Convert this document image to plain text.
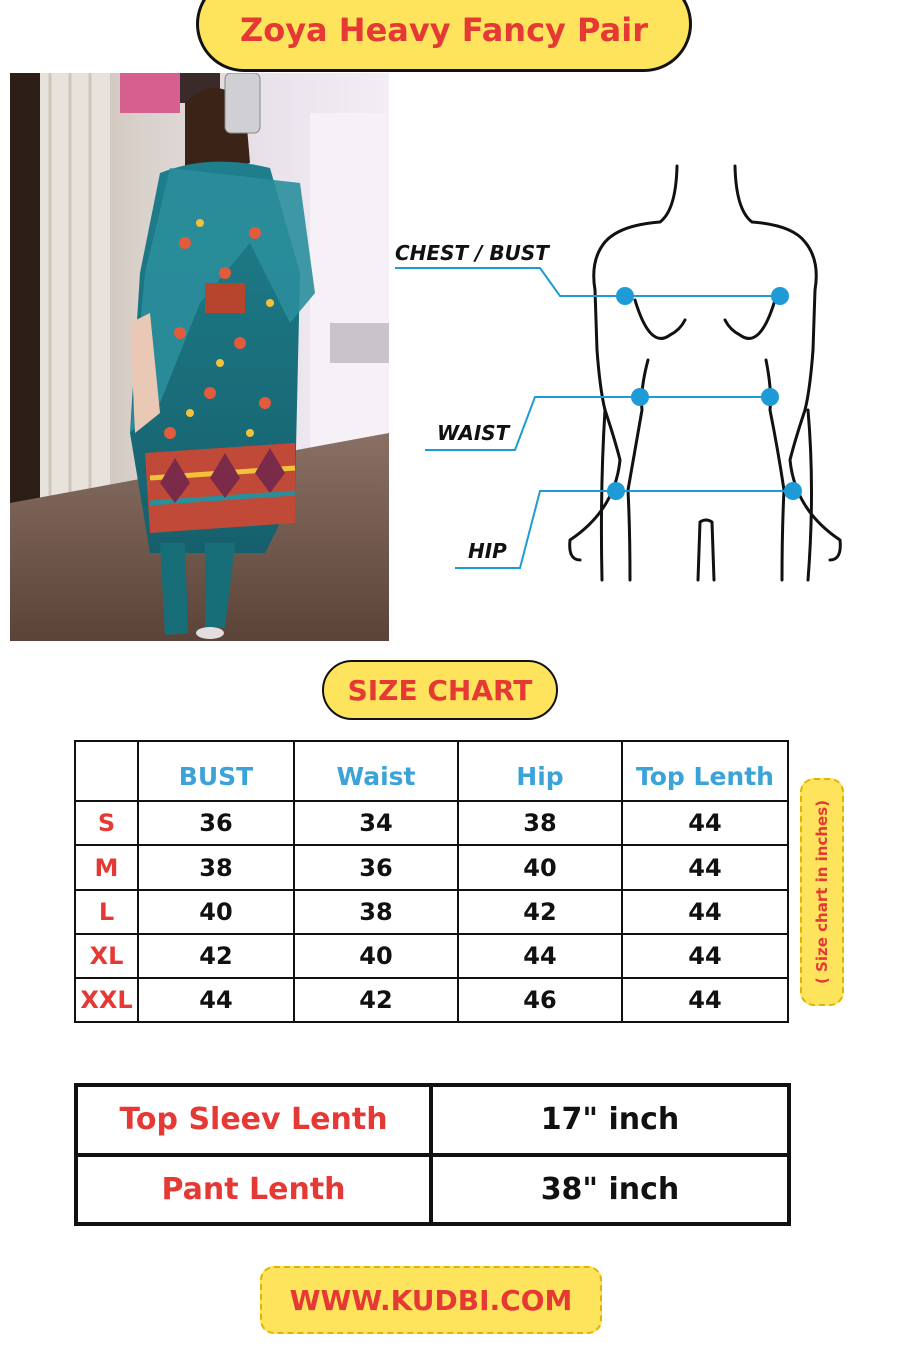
Zoya Heavy Fancy Pair
CHEST / BUST
WAIST
HIP
SIZE CHART
	BUST	Waist	Hip	Top Lenth
S	36	34	38	44
M	38	36	40	44
L	40	38	42	44
XL	42	40	44	44
XXL	44	42	46	44
( Size chart in inches)
Top Sleev Lenth	17" inch
Pant Lenth	38" inch
WWW.KUDBI.COM
